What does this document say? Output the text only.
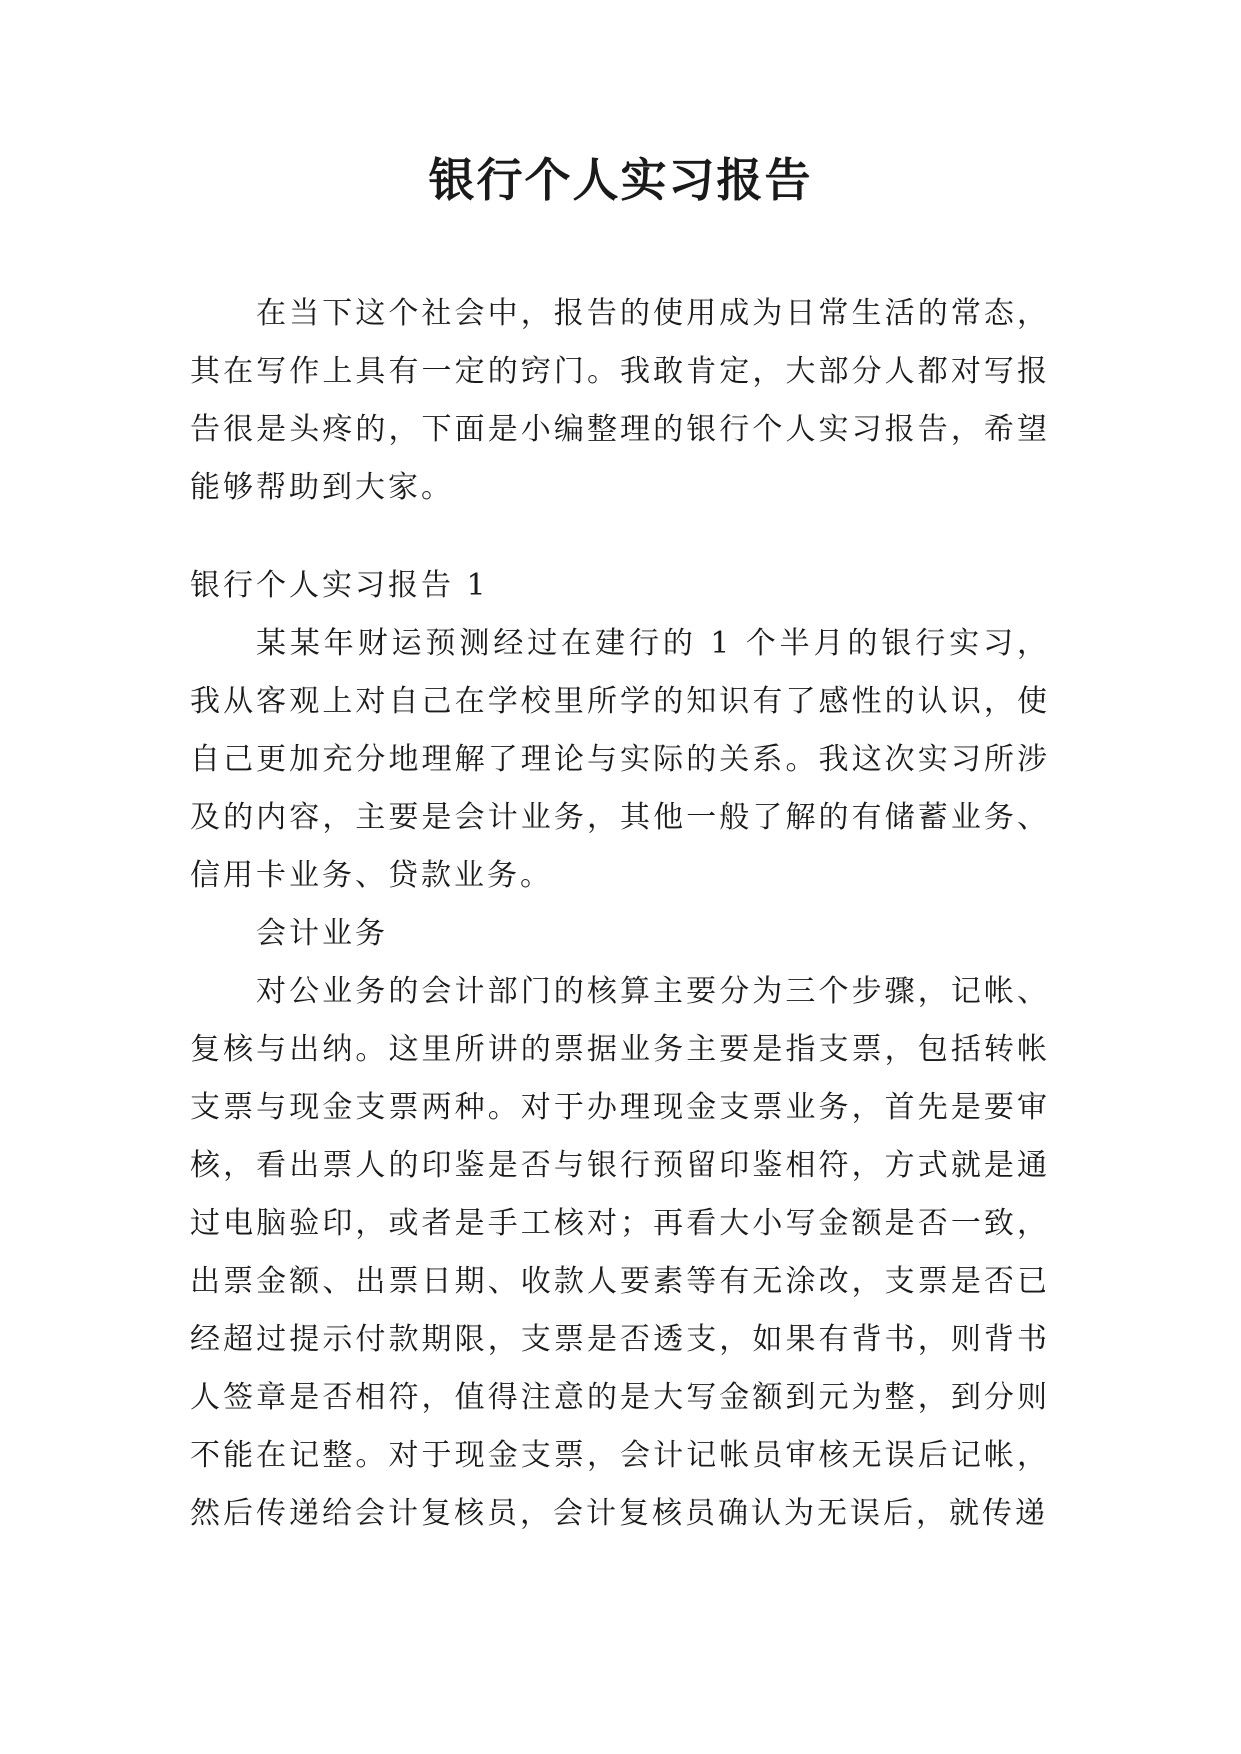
银行个人实习报告

在当下这个社会中，报告的使用成为日常生活的常态，其在写作上具有一定的窍门。我敢肯定，大部分人都对写报告很是头疼的，下面是小编整理的银行个人实习报告，希望能够帮助到大家。

银行个人实习报告 1

某某年财运预测经过在建行的 1 个半月的银行实习，我从客观上对自己在学校里所学的知识有了感性的认识，使自己更加充分地理解了理论与实际的关系。我这次实习所涉及的内容，主要是会计业务，其他一般了解的有储蓄业务、信用卡业务、贷款业务。

会计业务

对公业务的会计部门的核算主要分为三个步骤，记帐、复核与出纳。这里所讲的票据业务主要是指支票，包括转帐支票与现金支票两种。对于办理现金支票业务，首先是要审核，看出票人的印鉴是否与银行预留印鉴相符，方式就是通过电脑验印，或者是手工核对；再看大小写金额是否一致，出票金额、出票日期、收款人要素等有无涂改，支票是否已经超过提示付款期限，支票是否透支，如果有背书，则背书人签章是否相符，值得注意的是大写金额到元为整，到分则不能在记整。对于现金支票，会计记帐员审核无误后记帐，然后传递给会计复核员，会计复核员确认为无误后，就传递
